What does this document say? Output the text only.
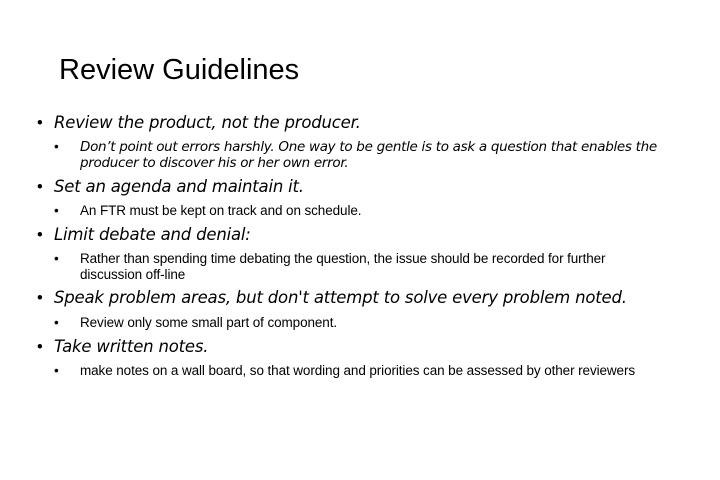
Review Guidelines
• Review the product, not the producer.
• Don’t point out errors harshly. One way to be gentle is to ask a question that enables the producer to discover his or her own error.
• Set an agenda and maintain it.
• An FTR must be kept on track and on schedule.
• Limit debate and denial:
• Rather than spending time debating the question, the issue should be recorded for further discussion off-line
• Speak problem areas, but don't attempt to solve every problem noted.
• Review only some small part of component.
• Take written notes.
• make notes on a wall board, so that wording and priorities can be assessed by other reviewers
